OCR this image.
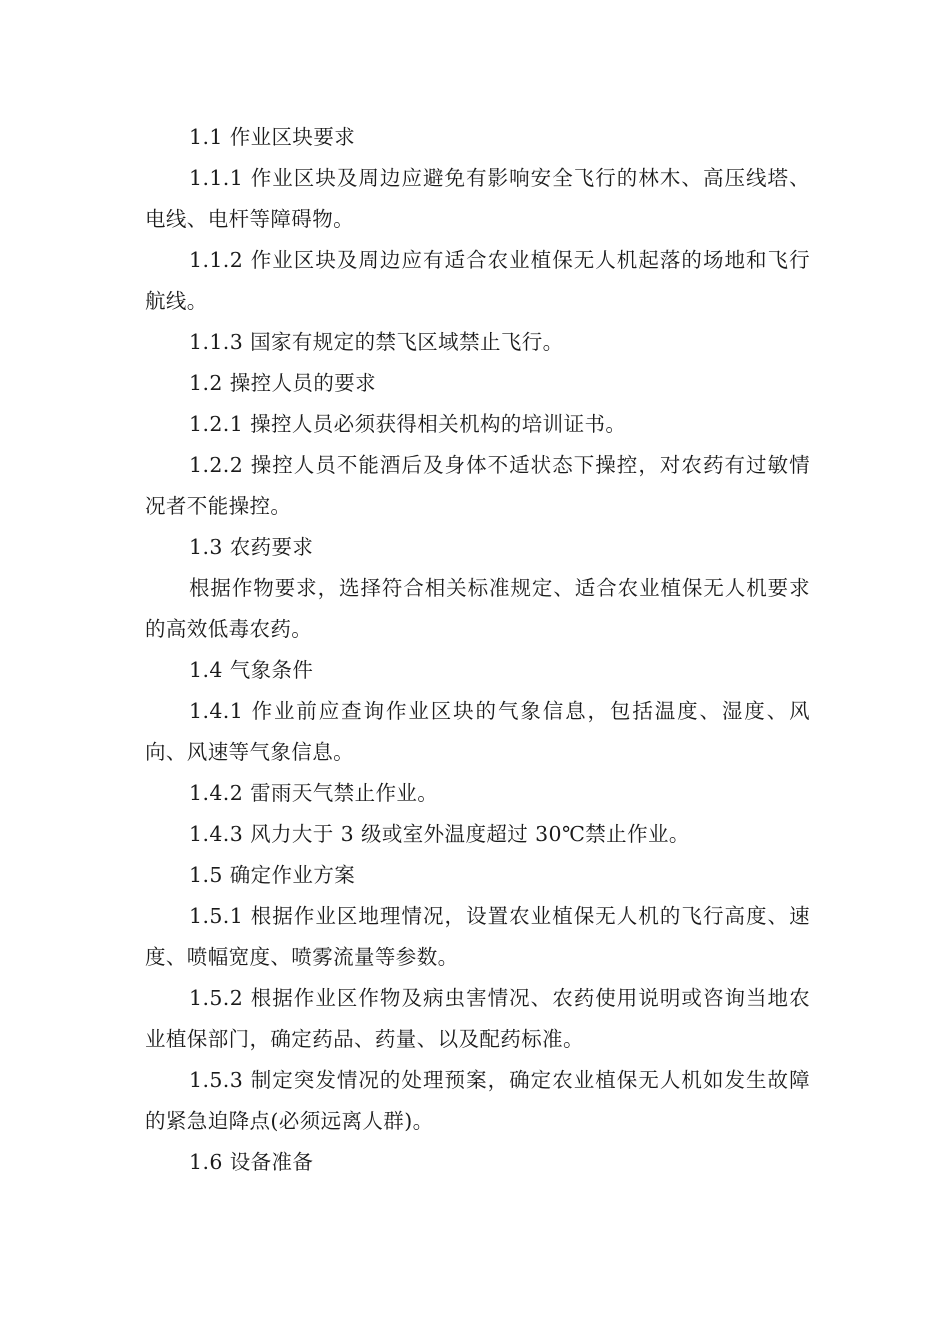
1.1 作业区块要求

1.1.1 作业区块及周边应避免有影响安全飞行的林木、高压线塔、电线、电杆等障碍物。

1.1.2 作业区块及周边应有适合农业植保无人机起落的场地和飞行航线。

1.1.3 国家有规定的禁飞区域禁止飞行。

1.2 操控人员的要求

1.2.1 操控人员必须获得相关机构的培训证书。

1.2.2 操控人员不能酒后及身体不适状态下操控，对农药有过敏情况者不能操控。

1.3 农药要求

根据作物要求，选择符合相关标准规定、适合农业植保无人机要求的高效低毒农药。

1.4 气象条件

1.4.1 作业前应查询作业区块的气象信息，包括温度、湿度、风向、风速等气象信息。

1.4.2 雷雨天气禁止作业。

1.4.3 风力大于 3 级或室外温度超过 30℃禁止作业。

1.5 确定作业方案

1.5.1 根据作业区地理情况，设置农业植保无人机的飞行高度、速度、喷幅宽度、喷雾流量等参数。

1.5.2 根据作业区作物及病虫害情况、农药使用说明或咨询当地农业植保部门，确定药品、药量、以及配药标准。

1.5.3 制定突发情况的处理预案，确定农业植保无人机如发生故障的紧急迫降点(必须远离人群)。

1.6 设备准备
